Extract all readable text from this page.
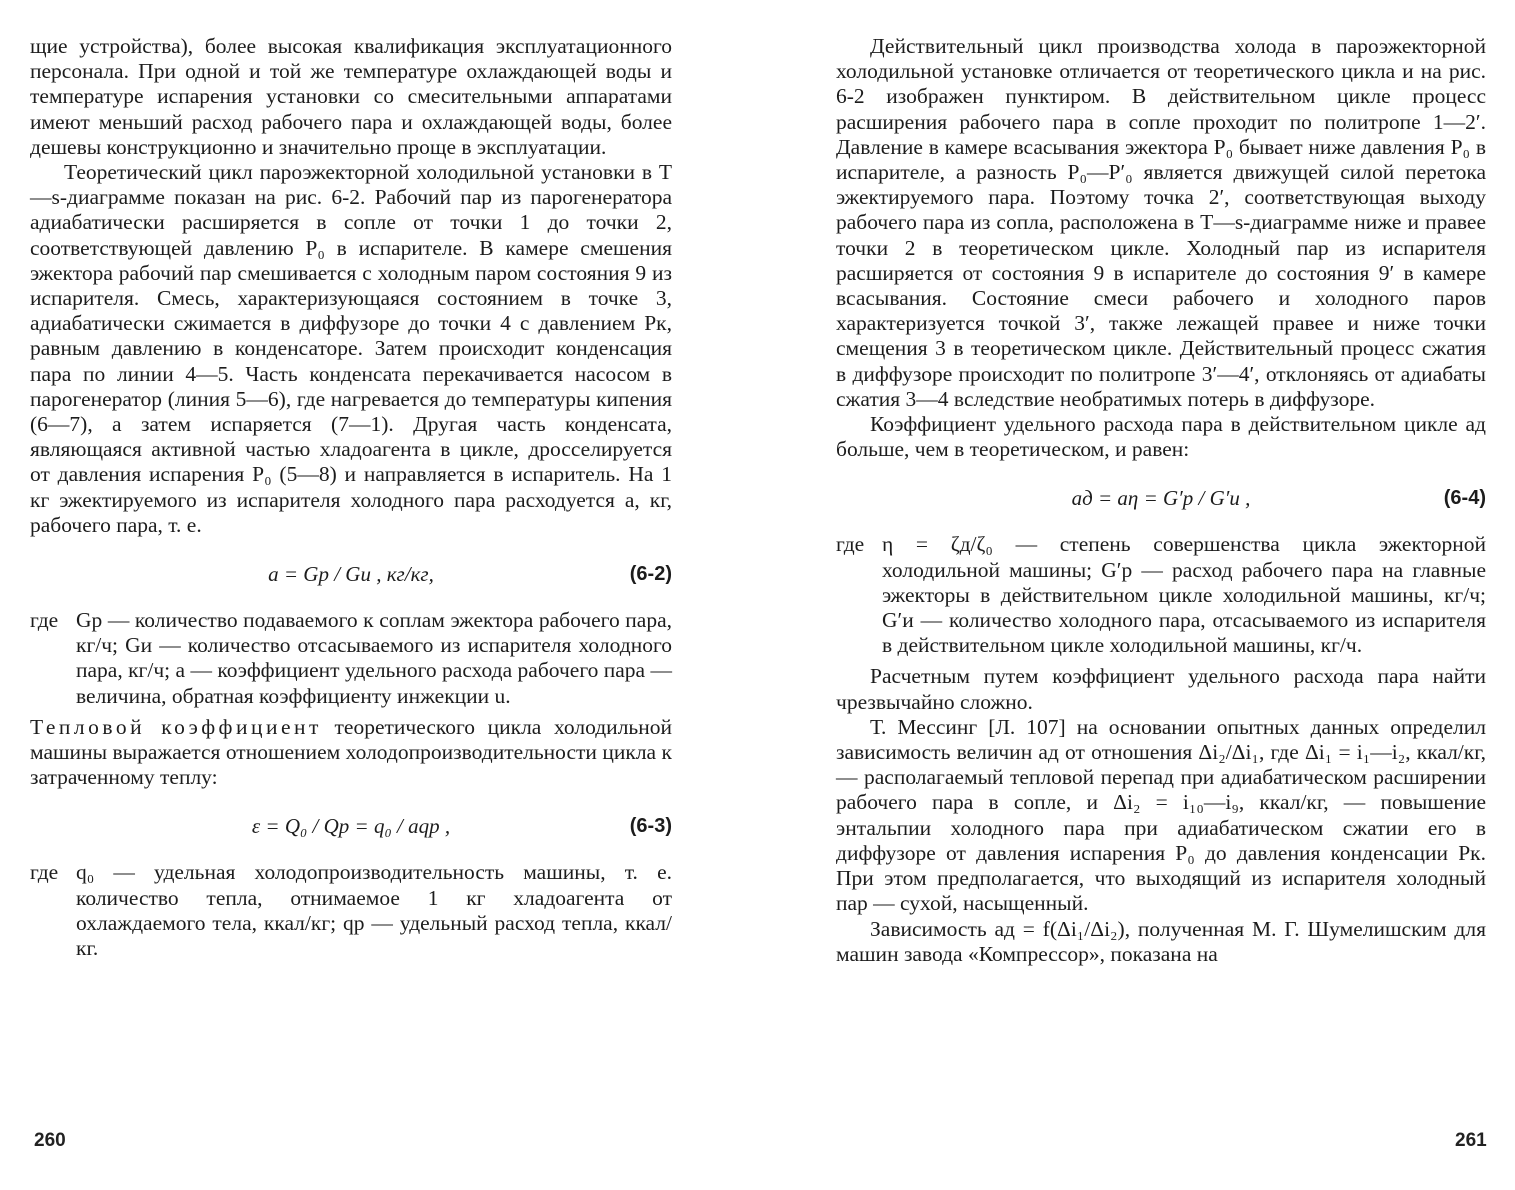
щие устройства), более высокая квалификация эксплуатационного персонала. При одной и той же температуре охлаждающей воды и температуре испарения установки со смесительными аппаратами имеют меньший расход рабочего пара и охлаждающей воды, более дешевы конструкционно и значительно проще в эксплуатации.

Теоретический цикл пароэжекторной холодильной установки в T—s-диаграмме показан на рис. 6-2. Рабочий пар из парогенератора адиабатически расширяется в сопле от точки 1 до точки 2, соответствующей давлению P₀ в испарителе. В камере смешения эжектора рабочий пар смешивается с холодным паром состояния 9 из испарителя. Смесь, характеризующаяся состоянием в точке 3, адиабатически сжимается в диффузоре до точки 4 с давлением Pк, равным давлению в конденсаторе. Затем происходит конденсация пара по линии 4—5. Часть конденсата перекачивается насосом в парогенератор (линия 5—6), где нагревается до температуры кипения (6—7), а затем испаряется (7—1). Другая часть конденсата, являющаяся активной частью хладоагента в цикле, дросселируется от давления испарения P₀ (5—8) и направляется в испаритель. На 1 кг эжектируемого из испарителя холодного пара расходуется a, кг, рабочего пара, т. е.

a = Gр / Gи , кг/кг,	(6-2)
где Gр — количество подаваемого к соплам эжектора рабочего пара, кг/ч; Gи — количество отсасываемого из испарителя холодного пара, кг/ч; a — коэффициент удельного расхода рабочего пара — величина, обратная коэффициенту инжекции u.

Тепловой коэффициент теоретического цикла холодильной машины выражается отношением холодопроизводительности цикла к затраченному теплу:

ε = Q₀ / Qр = q₀ / aqр ,	(6-3)
где q₀ — удельная холодопроизводительность машины, т. е. количество тепла, отнимаемое 1 кг хладоагента от охлаждаемого тела, ккал/кг; qр — удельный расход тепла, ккал/кг.
260

Действительный цикл производства холода в пароэжекторной холодильной установке отличается от теоретического цикла и на рис. 6-2 изображен пунктиром. В действительном цикле процесс расширения рабочего пара в сопле проходит по политропе 1—2′. Давление в камере всасывания эжектора P₀ бывает ниже давления P₀ в испарителе, а разность P₀—P′₀ является движущей силой перетока эжектируемого пара. Поэтому точка 2′, соответствующая выходу рабочего пара из сопла, расположена в T—s-диаграмме ниже и правее точки 2 в теоретическом цикле. Холодный пар из испарителя расширяется от состояния 9 в испарителе до состояния 9′ в камере всасывания. Состояние смеси рабочего и холодного паров характеризуется точкой 3′, также лежащей правее и ниже точки смещения 3 в теоретическом цикле. Действительный процесс сжатия в диффузоре происходит по политропе 3′—4′, отклоняясь от адиабаты сжатия 3—4 вследствие необратимых потерь в диффузоре.

Коэффициент удельного расхода пара в действительном цикле aд больше, чем в теоретическом, и равен:

aд = aη = G′р / G′и ,	(6-4)
где η = ζд/ζ₀ — степень совершенства цикла эжекторной холодильной машины; G′р — расход рабочего пара на главные эжекторы в действительном цикле холодильной машины, кг/ч; G′и — количество холодного пара, отсасываемого из испарителя в действительном цикле холодильной машины, кг/ч.

Расчетным путем коэффициент удельного расхода пара найти чрезвычайно сложно.

Т. Мессинг [Л. 107] на основании опытных данных определил зависимость величин aд от отношения Δi₂/Δi₁, где Δi₁ = i₁—i₂, ккал/кг, — располагаемый тепловой перепад при адиабатическом расширении рабочего пара в сопле, и Δi₂ = i₁₀—i₉, ккал/кг, — повышение энтальпии холодного пара при адиабатическом сжатии его в диффузоре от давления испарения P₀ до давления конденсации Pк. При этом предполагается, что выходящий из испарителя холодный пар — сухой, насыщенный.

Зависимость aд = f(Δi₁/Δi₂), полученная М. Г. Шумелишским для машин завода «Компрессор», показана на

261
